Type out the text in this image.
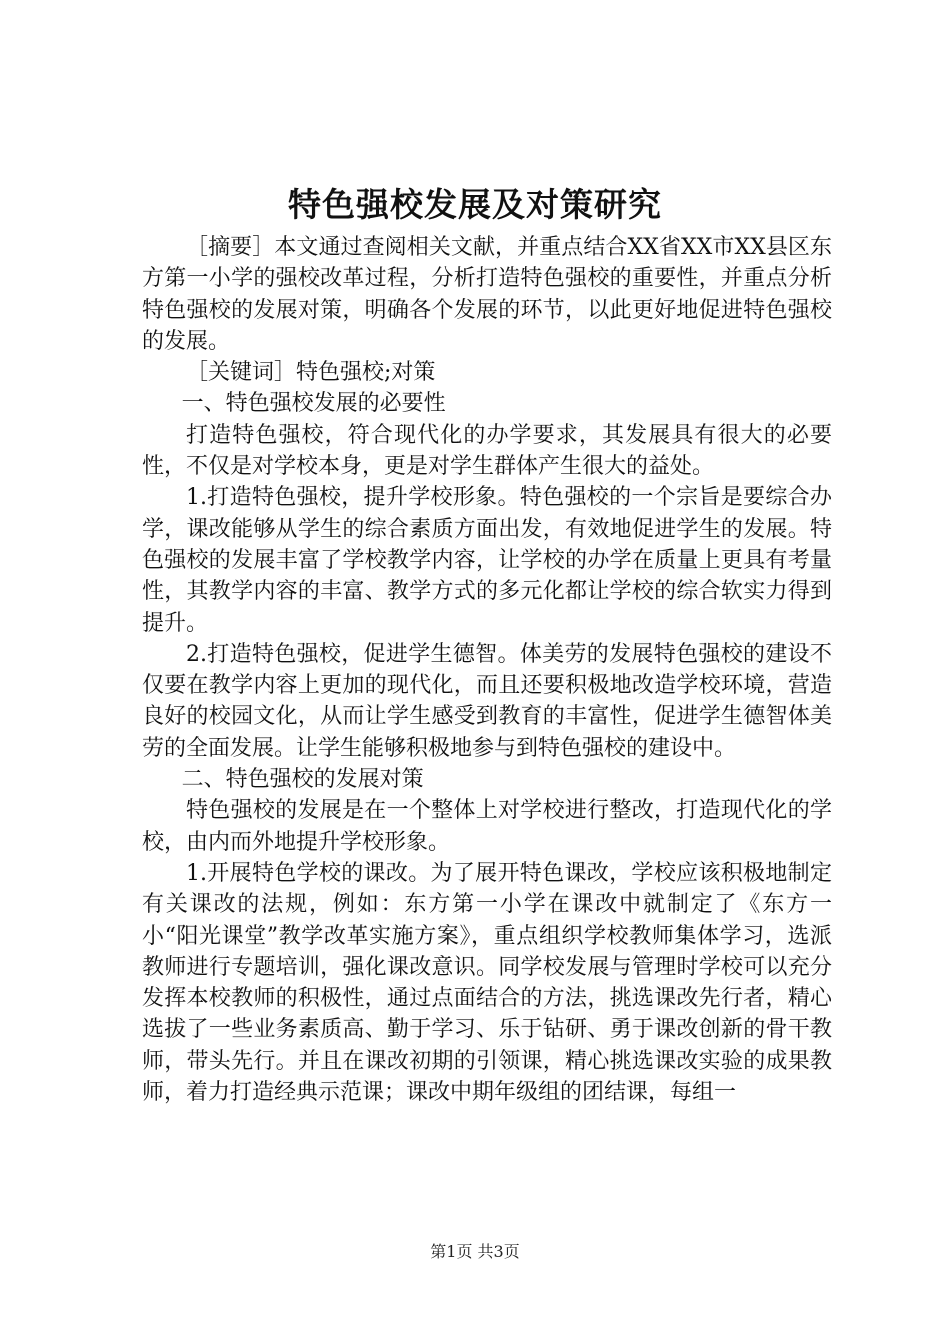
特色强校发展及对策研究

［摘要］本文通过查阅相关文献，并重点结合XX省XX市XX县区东方第一小学的强校改革过程，分析打造特色强校的重要性，并重点分析特色强校的发展对策，明确各个发展的环节，以此更好地促进特色强校的发展。

［关键词］特色强校;对策

一、特色强校发展的必要性

打造特色强校，符合现代化的办学要求，其发展具有很大的必要性，不仅是对学校本身，更是对学生群体产生很大的益处。

1.打造特色强校，提升学校形象。特色强校的一个宗旨是要综合办学，课改能够从学生的综合素质方面出发，有效地促进学生的发展。特色强校的发展丰富了学校教学内容，让学校的办学在质量上更具有考量性，其教学内容的丰富、教学方式的多元化都让学校的综合软实力得到提升。

2.打造特色强校，促进学生德智。体美劳的发展特色强校的建设不仅要在教学内容上更加的现代化，而且还要积极地改造学校环境，营造良好的校园文化，从而让学生感受到教育的丰富性，促进学生德智体美劳的全面发展。让学生能够积极地参与到特色强校的建设中。

二、特色强校的发展对策

特色强校的发展是在一个整体上对学校进行整改，打造现代化的学校，由内而外地提升学校形象。

1.开展特色学校的课改。为了展开特色课改，学校应该积极地制定有关课改的法规，例如：东方第一小学在课改中就制定了《东方一小“阳光课堂”教学改革实施方案》，重点组织学校教师集体学习，选派教师进行专题培训，强化课改意识。同学校发展与管理时学校可以充分发挥本校教师的积极性，通过点面结合的方法，挑选课改先行者，精心选拔了一些业务素质高、勤于学习、乐于钻研、勇于课改创新的骨干教师，带头先行。并且在课改初期的引领课，精心挑选课改实验的成果教师，着力打造经典示范课；课改中期年级组的团结课，每组一

第1页 共3页
